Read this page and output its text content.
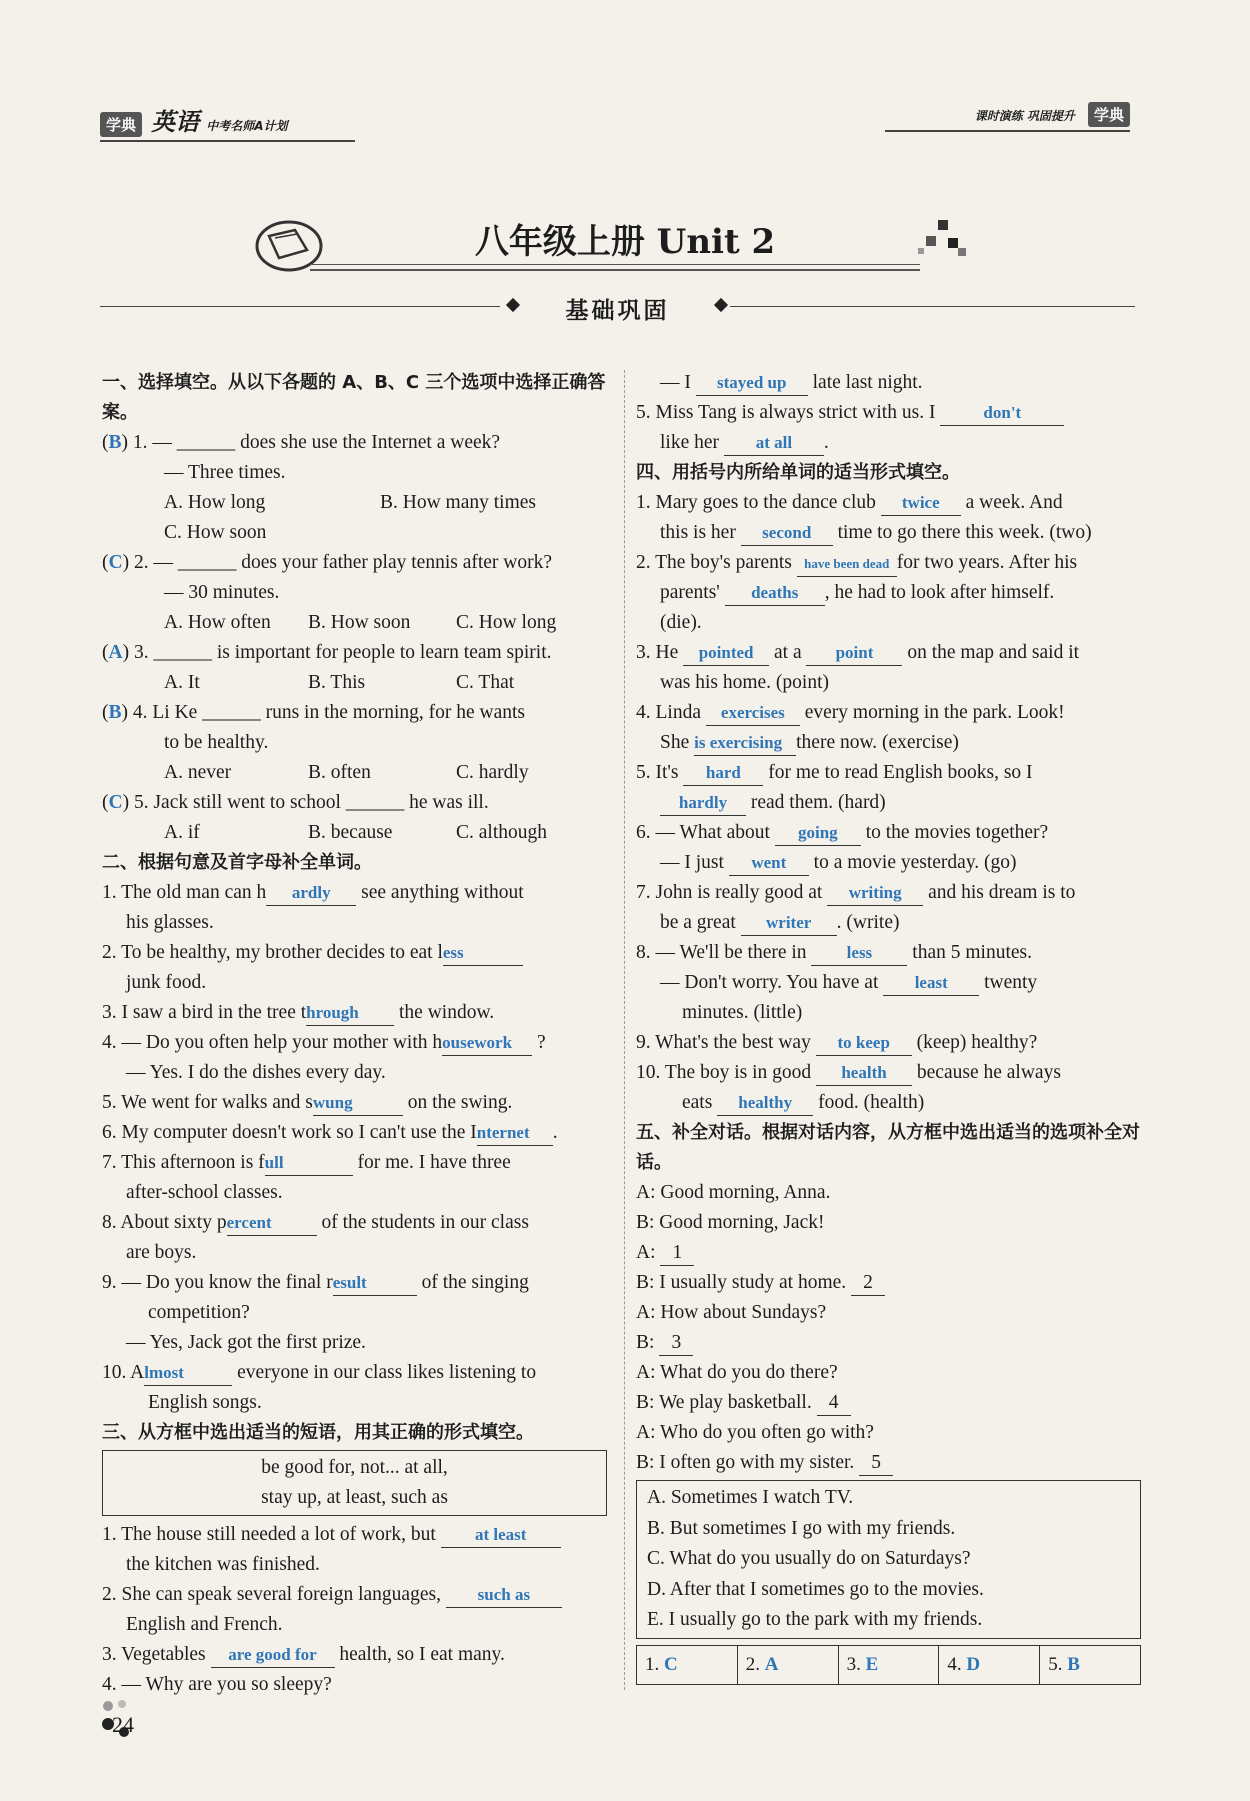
学典 英语 中考名师A计划
课时演练 巩固提升 学典
八年级上册 Unit 2
基础巩固
一、选择填空。从以下各题的 A、B、C 三个选项中选择正确答案。
(B) 1. — ______ does she use the Internet a week?
— Three times.
A. How long	B. How many times
C. How soon
(C) 2. — ______ does your father play tennis after work?
— 30 minutes.
A. How often	B. How soon	C. How long
(A) 3. ______ is important for people to learn team spirit.
A. It	B. This	C. That
(B) 4. Li Ke ______ runs in the morning, for he wants
to be healthy.
A. never	B. often	C. hardly
(C) 5. Jack still went to school ______ he was ill.
A. if	B. because	C. although
二、根据句意及首字母补全单词。
1. The old man can h ardly see anything without
his glasses.
2. To be healthy, my brother decides to eat less
junk food.
3. I saw a bird in the tree through the window.
4. — Do you often help your mother with housework ?
— Yes. I do the dishes every day.
5. We went for walks and swung	on the swing.
6. My computer doesn't work so I can't use the Internet .
7. This afternoon is full	for me. I have three
after-school classes.
8. About sixty percent	of the students in our class
are boys.
9. — Do you know the final result	of the singing
competition?
— Yes, Jack got the first prize.
10. Almost	everyone in our class likes listening to
English songs.
三、从方框中选出适当的短语，用其正确的形式填空。
be good for, not... at all,
stay up, at least, such as
1. The house still needed a lot of work, but at least
the kitchen was finished.
2. She can speak several foreign languages, such as
English and French.
3. Vegetables are good for health, so I eat many.
4. — Why are you so sleepy?
— I stayed up late last night.
5. Miss Tang is always strict with us. I	don't
like her at all .
四、用括号内所给单词的适当形式填空。
1. Mary goes to the dance club twice a week. And
this is her second time to go there this week. (two)
2. The boy's parents have been dead for two years. After his
parents' deaths , he had to look after himself.
(die).
3. He pointed at a point on the map and said it
was his home. (point)
4. Linda exercises every morning in the park. Look!
She is exercising there now. (exercise)
5. It's hard for me to read English books, so I
hardly read them. (hard)
6. — What about going to the movies together?
— I just went to a movie yesterday. (go)
7. John is really good at writing and his dream is to
be a great writer . (write)
8. — We'll be there in less than 5 minutes.
— Don't worry. You have at least twenty
minutes. (little)
9. What's the best way to keep (keep) healthy?
10. The boy is in good health because he always
eats healthy food. (health)
五、补全对话。根据对话内容，从方框中选出适当的选项补全对话。
A: Good morning, Anna.
B: Good morning, Jack!
A: 1
B: I usually study at home. 2
A: How about Sundays?
B: 3
A: What do you do there?
B: We play basketball. 4
A: Who do you often go with?
B: I often go with my sister. 5
A. Sometimes I watch TV.
B. But sometimes I go with my friends.
C. What do you usually do on Saturdays?
D. After that I sometimes go to the movies.
E. I usually go to the park with my friends.
1. C	2. A	3. E	4. D	5. B
24
